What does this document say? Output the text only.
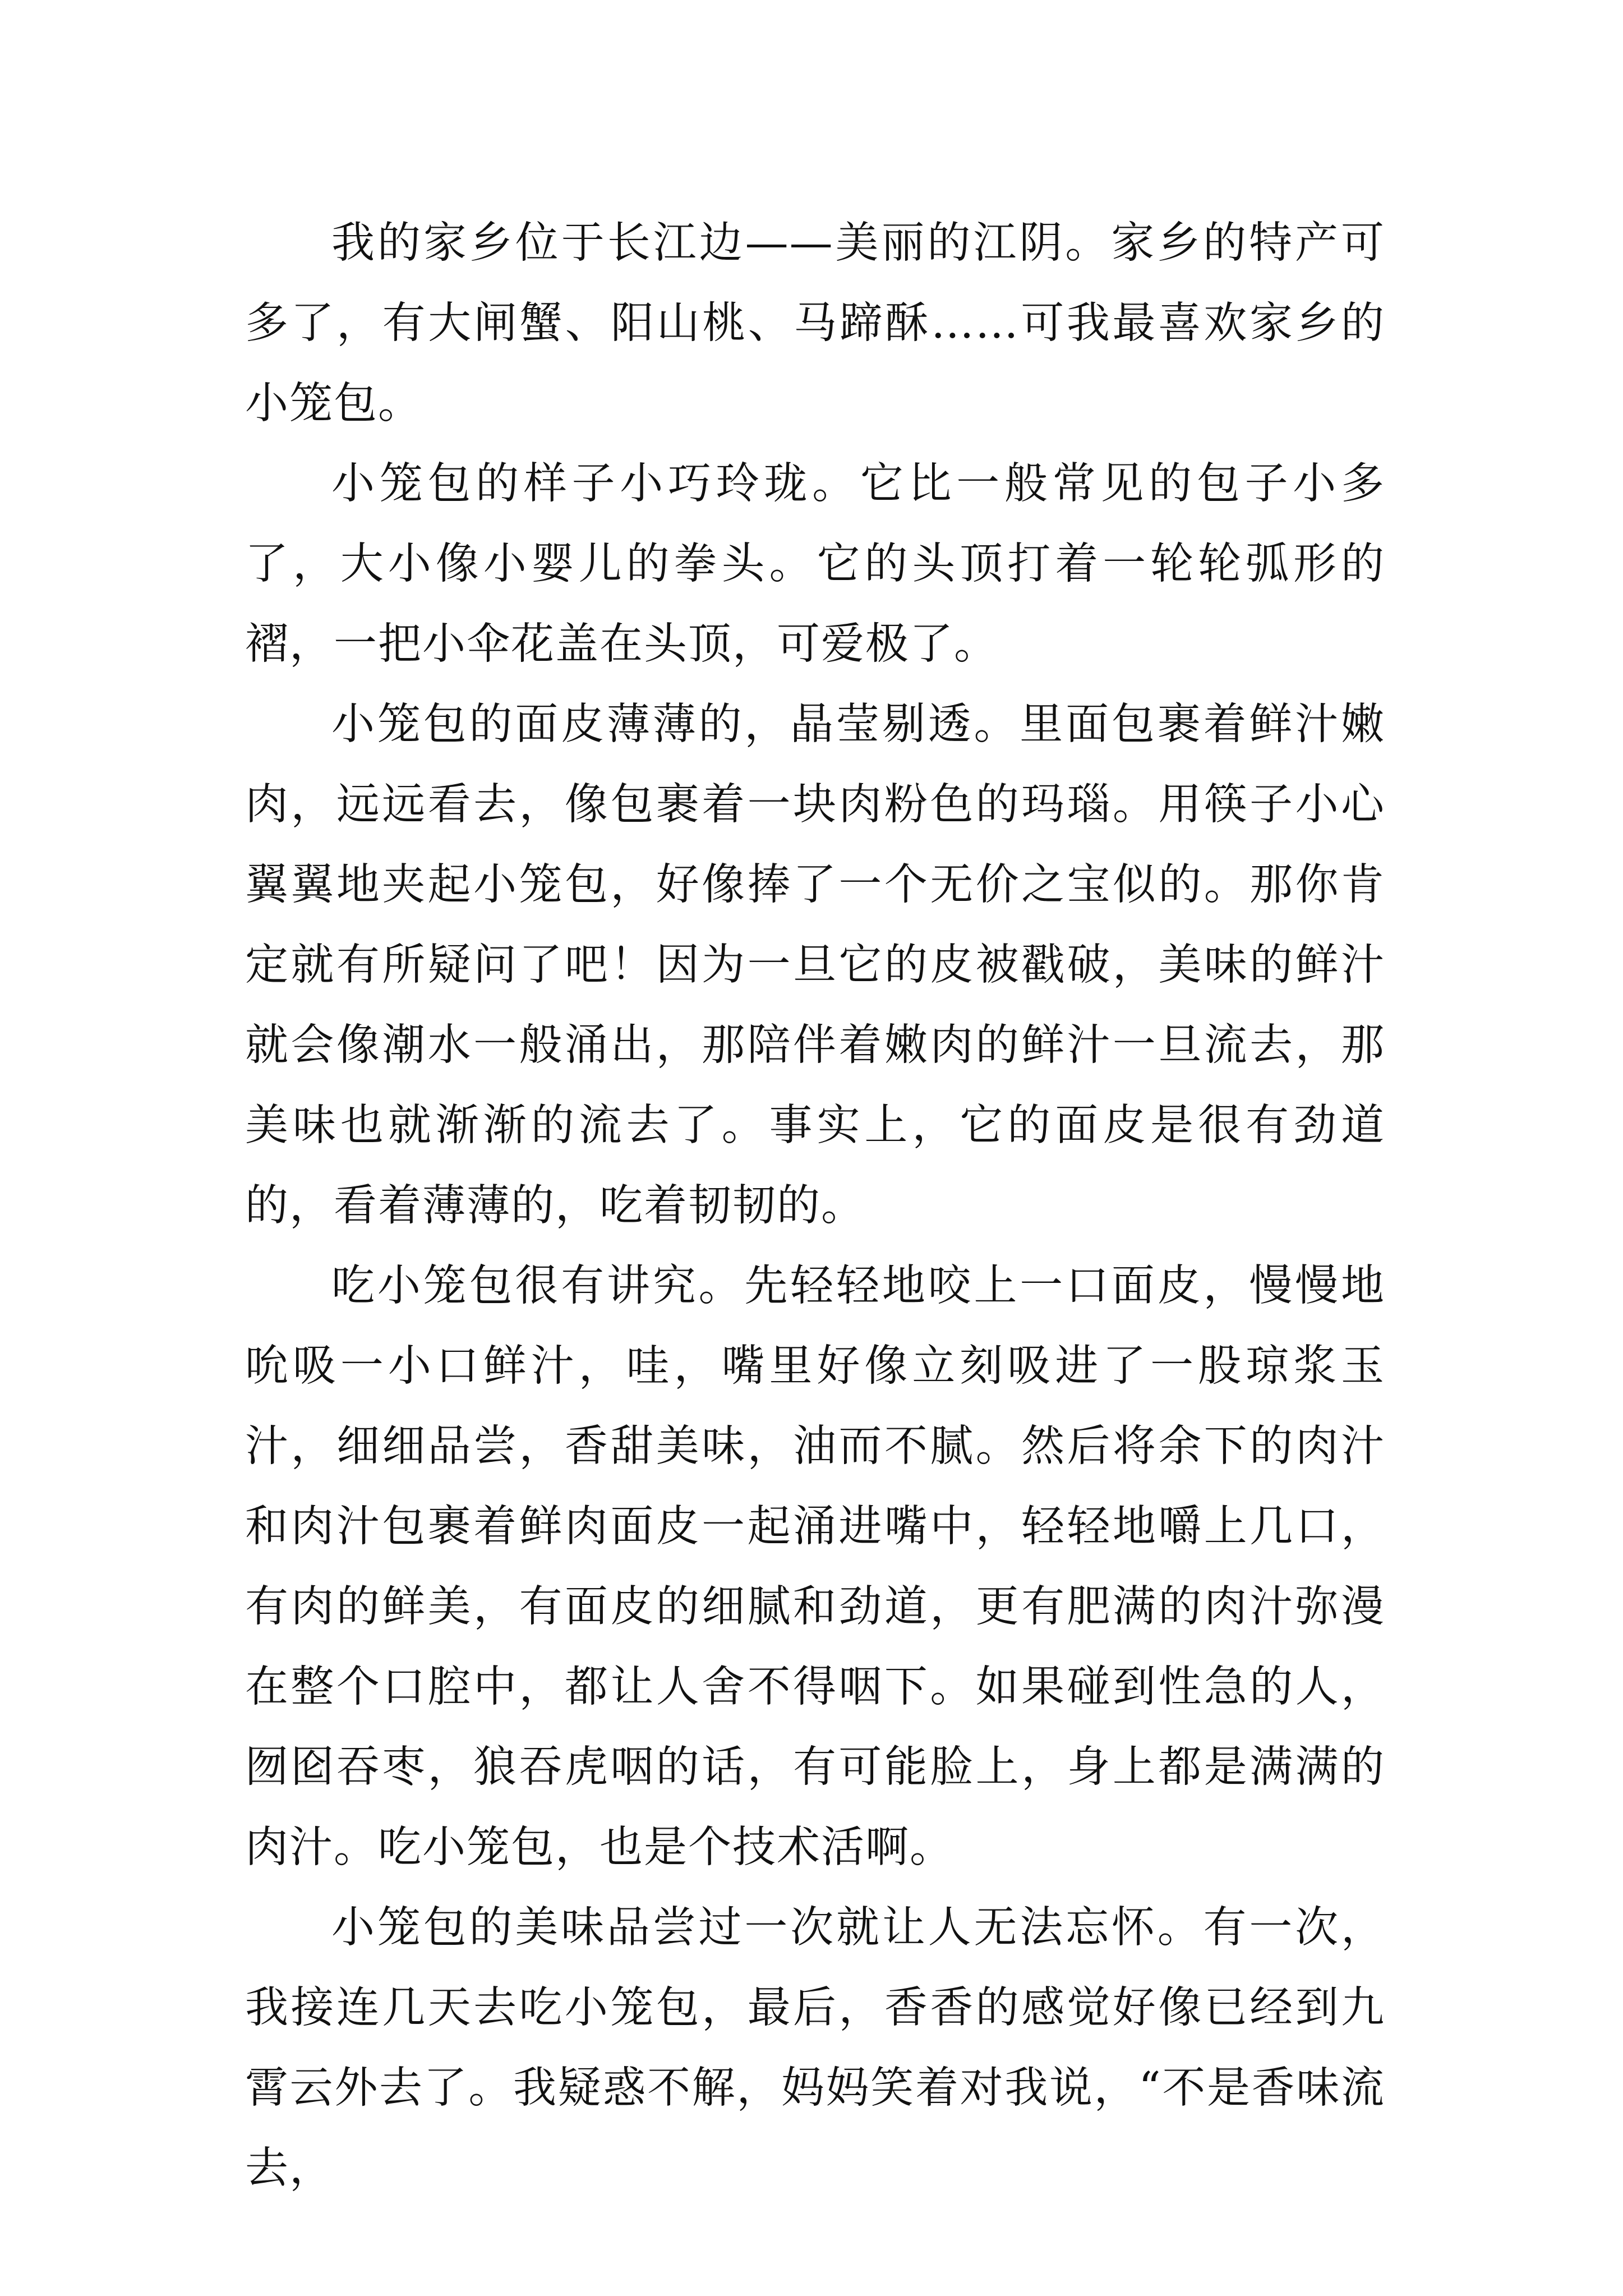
我的家乡位于长江边——美丽的江阴。家乡的特产可多了，有大闸蟹、阳山桃、马蹄酥……可我最喜欢家乡的小笼包。

小笼包的样子小巧玲珑。它比一般常见的包子小多了，大小像小婴儿的拳头。它的头顶打着一轮轮弧形的褶，一把小伞花盖在头顶，可爱极了。

小笼包的面皮薄薄的，晶莹剔透。里面包裹着鲜汁嫩肉，远远看去，像包裹着一块肉粉色的玛瑙。用筷子小心翼翼地夹起小笼包，好像捧了一个无价之宝似的。那你肯定就有所疑问了吧！因为一旦它的皮被戳破，美味的鲜汁就会像潮水一般涌出，那陪伴着嫩肉的鲜汁一旦流去，那美味也就渐渐的流去了。事实上，它的面皮是很有劲道的，看着薄薄的，吃着韧韧的。

吃小笼包很有讲究。先轻轻地咬上一口面皮，慢慢地吮吸一小口鲜汁，哇，嘴里好像立刻吸进了一股琼浆玉汁，细细品尝，香甜美味，油而不腻。然后将余下的肉汁和肉汁包裹着鲜肉面皮一起涌进嘴中，轻轻地嚼上几口，有肉的鲜美，有面皮的细腻和劲道，更有肥满的肉汁弥漫在整个口腔中，都让人舍不得咽下。如果碰到性急的人，囫囵吞枣，狼吞虎咽的话，有可能脸上，身上都是满满的肉汁。吃小笼包，也是个技术活啊。

小笼包的美味品尝过一次就让人无法忘怀。有一次，我接连几天去吃小笼包，最后，香香的感觉好像已经到九霄云外去了。我疑惑不解，妈妈笑着对我说，“不是香味流去，
